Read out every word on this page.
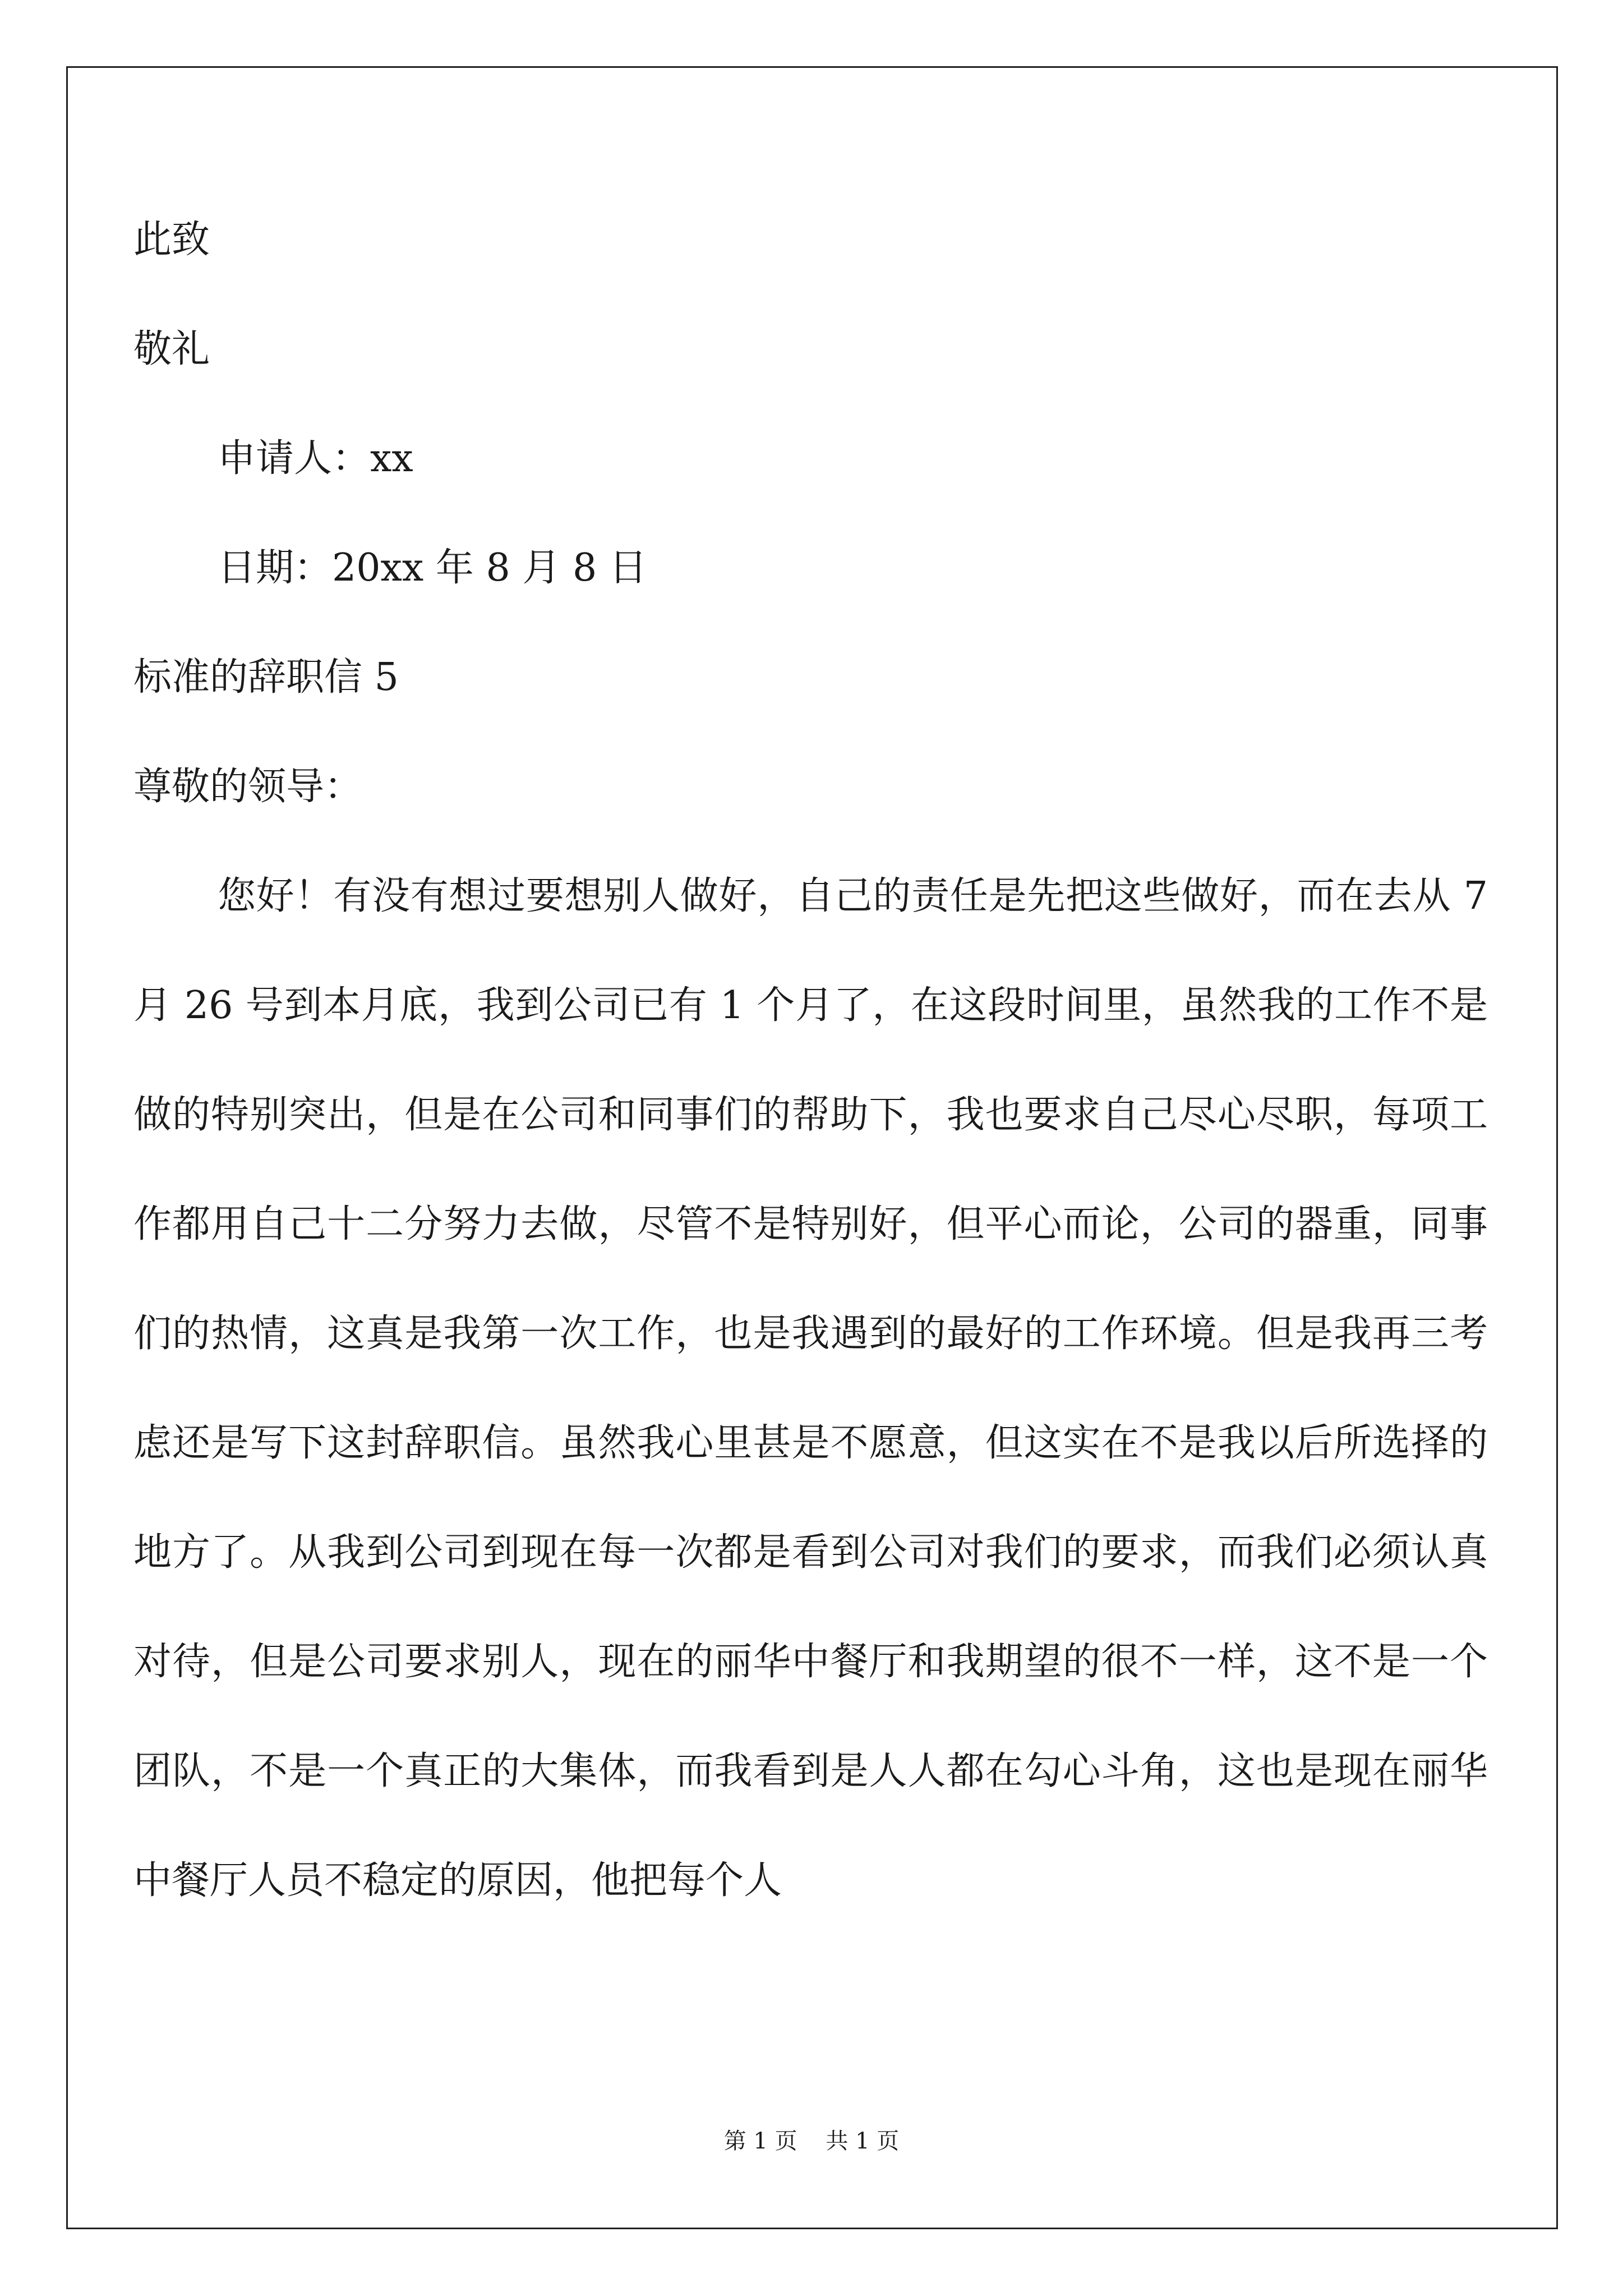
此致
敬礼
申请人：xx
日期：20xx 年 8 月 8 日
标准的辞职信 5
尊敬的领导：

您好！有没有想过要想别人做好，自己的责任是先把这些做好，而在去从 7 月 26 号到本月底，我到公司已有 1 个月了，在这段时间里，虽然我的工作不是做的特别突出，但是在公司和同事们的帮助下，我也要求自己尽心尽职，每项工作都用自己十二分努力去做，尽管不是特别好，但平心而论，公司的器重，同事们的热情，这真是我第一次工作，也是我遇到的最好的工作环境。但是我再三考虑还是写下这封辞职信。虽然我心里甚是不愿意，但这实在不是我以后所选择的地方了。从我到公司到现在每一次都是看到公司对我们的要求，而我们必须认真对待，但是公司要求别人，现在的丽华中餐厅和我期望的很不一样，这不是一个团队，不是一个真正的大集体，而我看到是人人都在勾心斗角，这也是现在丽华中餐厅人员不稳定的原因，他把每个人

第 1 页    共 1 页
